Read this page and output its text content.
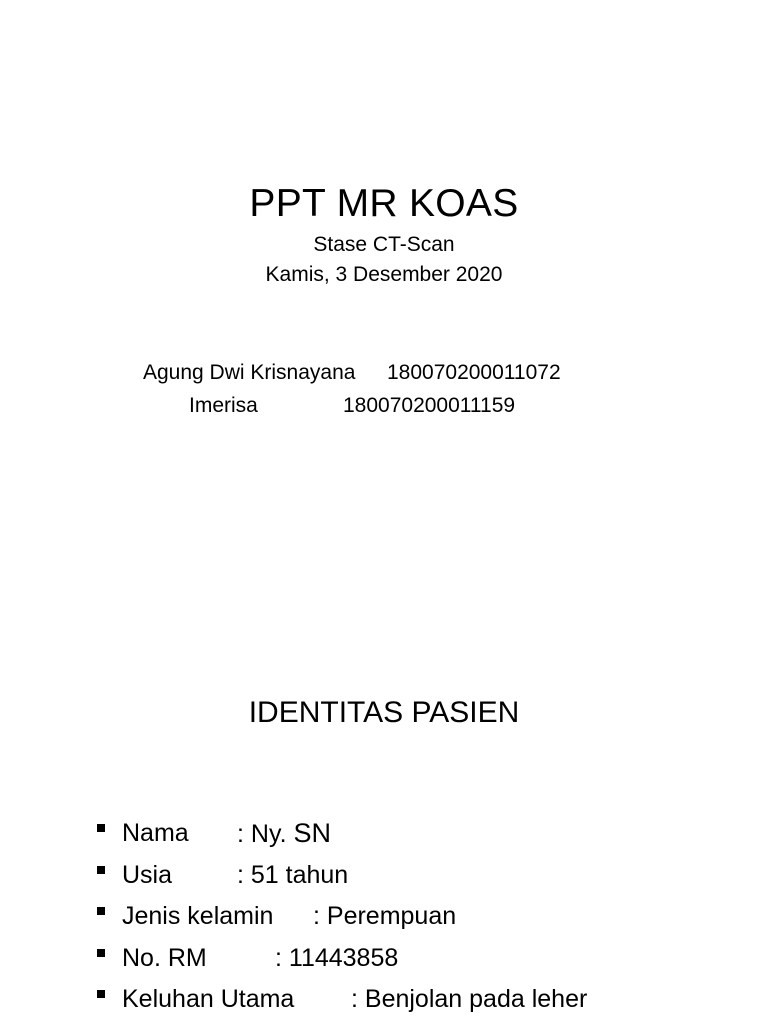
PPT MR KOAS
Stase CT-Scan
Kamis, 3 Desember 2020
Agung Dwi Krisnayana 180070200011072
Imerisa	180070200011159
IDENTITAS PASIEN
Nama : Ny. SN
Usia	: 51 tahun
Jenis kelamin : Perempuan
No. RM	: 11443858
Keluhan Utama : Benjolan pada leher
